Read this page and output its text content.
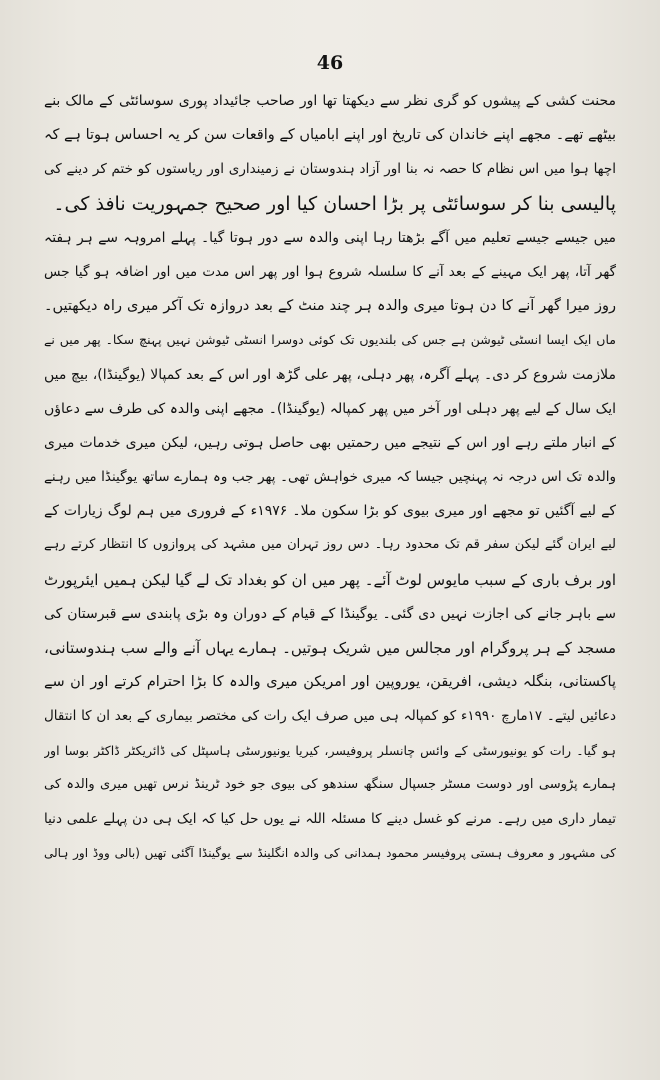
46
محنت کشی کے پیشوں کو گری نظر سے دیکھتا تھا اور صاحب جائیداد پوری سوسائٹی کے مالک بنے
بیٹھے تھے۔ مجھے اپنے خاندان کی تاریخ اور اپنے ابامیاں کے واقعات سن کر یہ احساس ہوتا ہے کہ
اچھا ہوا میں اس نظام کا حصہ نہ بنا اور آزاد ہندوستان نے زمینداری اور ریاستوں کو ختم کر دینے کی
پالیسی بنا کر سوسائٹی پر بڑا احسان کیا اور صحیح جمہوریت نافذ کی۔
میں جیسے جیسے تعلیم میں آگے بڑھتا رہا اپنی والدہ سے دور ہوتا گیا۔ پہلے امروہہ سے ہر ہفتہ
گھر آتا، پھر ایک مہینے کے بعد آنے کا سلسلہ شروع ہوا اور پھر اس مدت میں اور اضافہ ہو گیا جس
روز میرا گھر آنے کا دن ہوتا میری والدہ ہر چند منٹ کے بعد دروازہ تک آکر میری راہ دیکھتیں۔
ماں ایک ایسا انسٹی ٹیوشن ہے جس کی بلندیوں تک کوئی دوسرا انسٹی ٹیوشن نہیں پہنچ سکا۔ پھر میں نے
ملازمت شروع کر دی۔ پہلے آگرہ، پھر دہلی، پھر علی گڑھ اور اس کے بعد کمپالا (یوگینڈا)، بیچ میں
ایک سال کے لیے پھر دہلی اور آخر میں پھر کمپالہ (یوگینڈا)۔ مجھے اپنی والدہ کی طرف سے دعاؤں
کے انبار ملتے رہے اور اس کے نتیجے میں رحمتیں بھی حاصل ہوتی رہیں، لیکن میری خدمات میری
والدہ تک اس درجہ نہ پہنچیں جیسا کہ میری خواہش تھی۔ پھر جب وہ ہمارے ساتھ یوگینڈا میں رہنے
کے لیے آگئیں تو مجھے اور میری بیوی کو بڑا سکون ملا۔ ۱۹۷۶ء کے فروری میں ہم لوگ زیارات کے
لیے ایران گئے لیکن سفر قم تک محدود رہا۔ دس روز تہران میں مشہد کی پروازوں کا انتظار کرتے رہے
اور برف باری کے سبب مایوس لوٹ آئے۔ پھر میں ان کو بغداد تک لے گیا لیکن ہمیں ایئرپورٹ
سے باہر جانے کی اجازت نہیں دی گئی۔ یوگینڈا کے قیام کے دوران وہ بڑی پابندی سے قبرستان کی
مسجد کے ہر پروگرام اور مجالس میں شریک ہوتیں۔ ہمارے یہاں آنے والے سب ہندوستانی،
پاکستانی، بنگلہ دیشی، افریقن، یوروپین اور امریکن میری والدہ کا بڑا احترام کرتے اور ان سے
دعائیں لیتے۔ ۱۷مارچ ۱۹۹۰ء کو کمپالہ ہی میں صرف ایک رات کی مختصر بیماری کے بعد ان کا انتقال
ہو گیا۔ رات کو یونیورسٹی کے وائس چانسلر پروفیسر، کیریا یونیورسٹی ہاسپٹل کی ڈائریکٹر ڈاکٹر بوسا اور
ہمارے پڑوسی اور دوست مسٹر جسپال سنگھ سندھو کی بیوی جو خود ٹرینڈ نرس تھیں میری والدہ کی
تیمار داری میں رہے۔ مرنے کو غسل دینے کا مسئلہ اللہ نے یوں حل کیا کہ ایک ہی دن پہلے علمی دنیا
کی مشہور و معروف ہستی پروفیسر محمود ہمدانی کی والدہ انگلینڈ سے یوگینڈا آگئی تھیں (بالی ووڈ اور ہالی
